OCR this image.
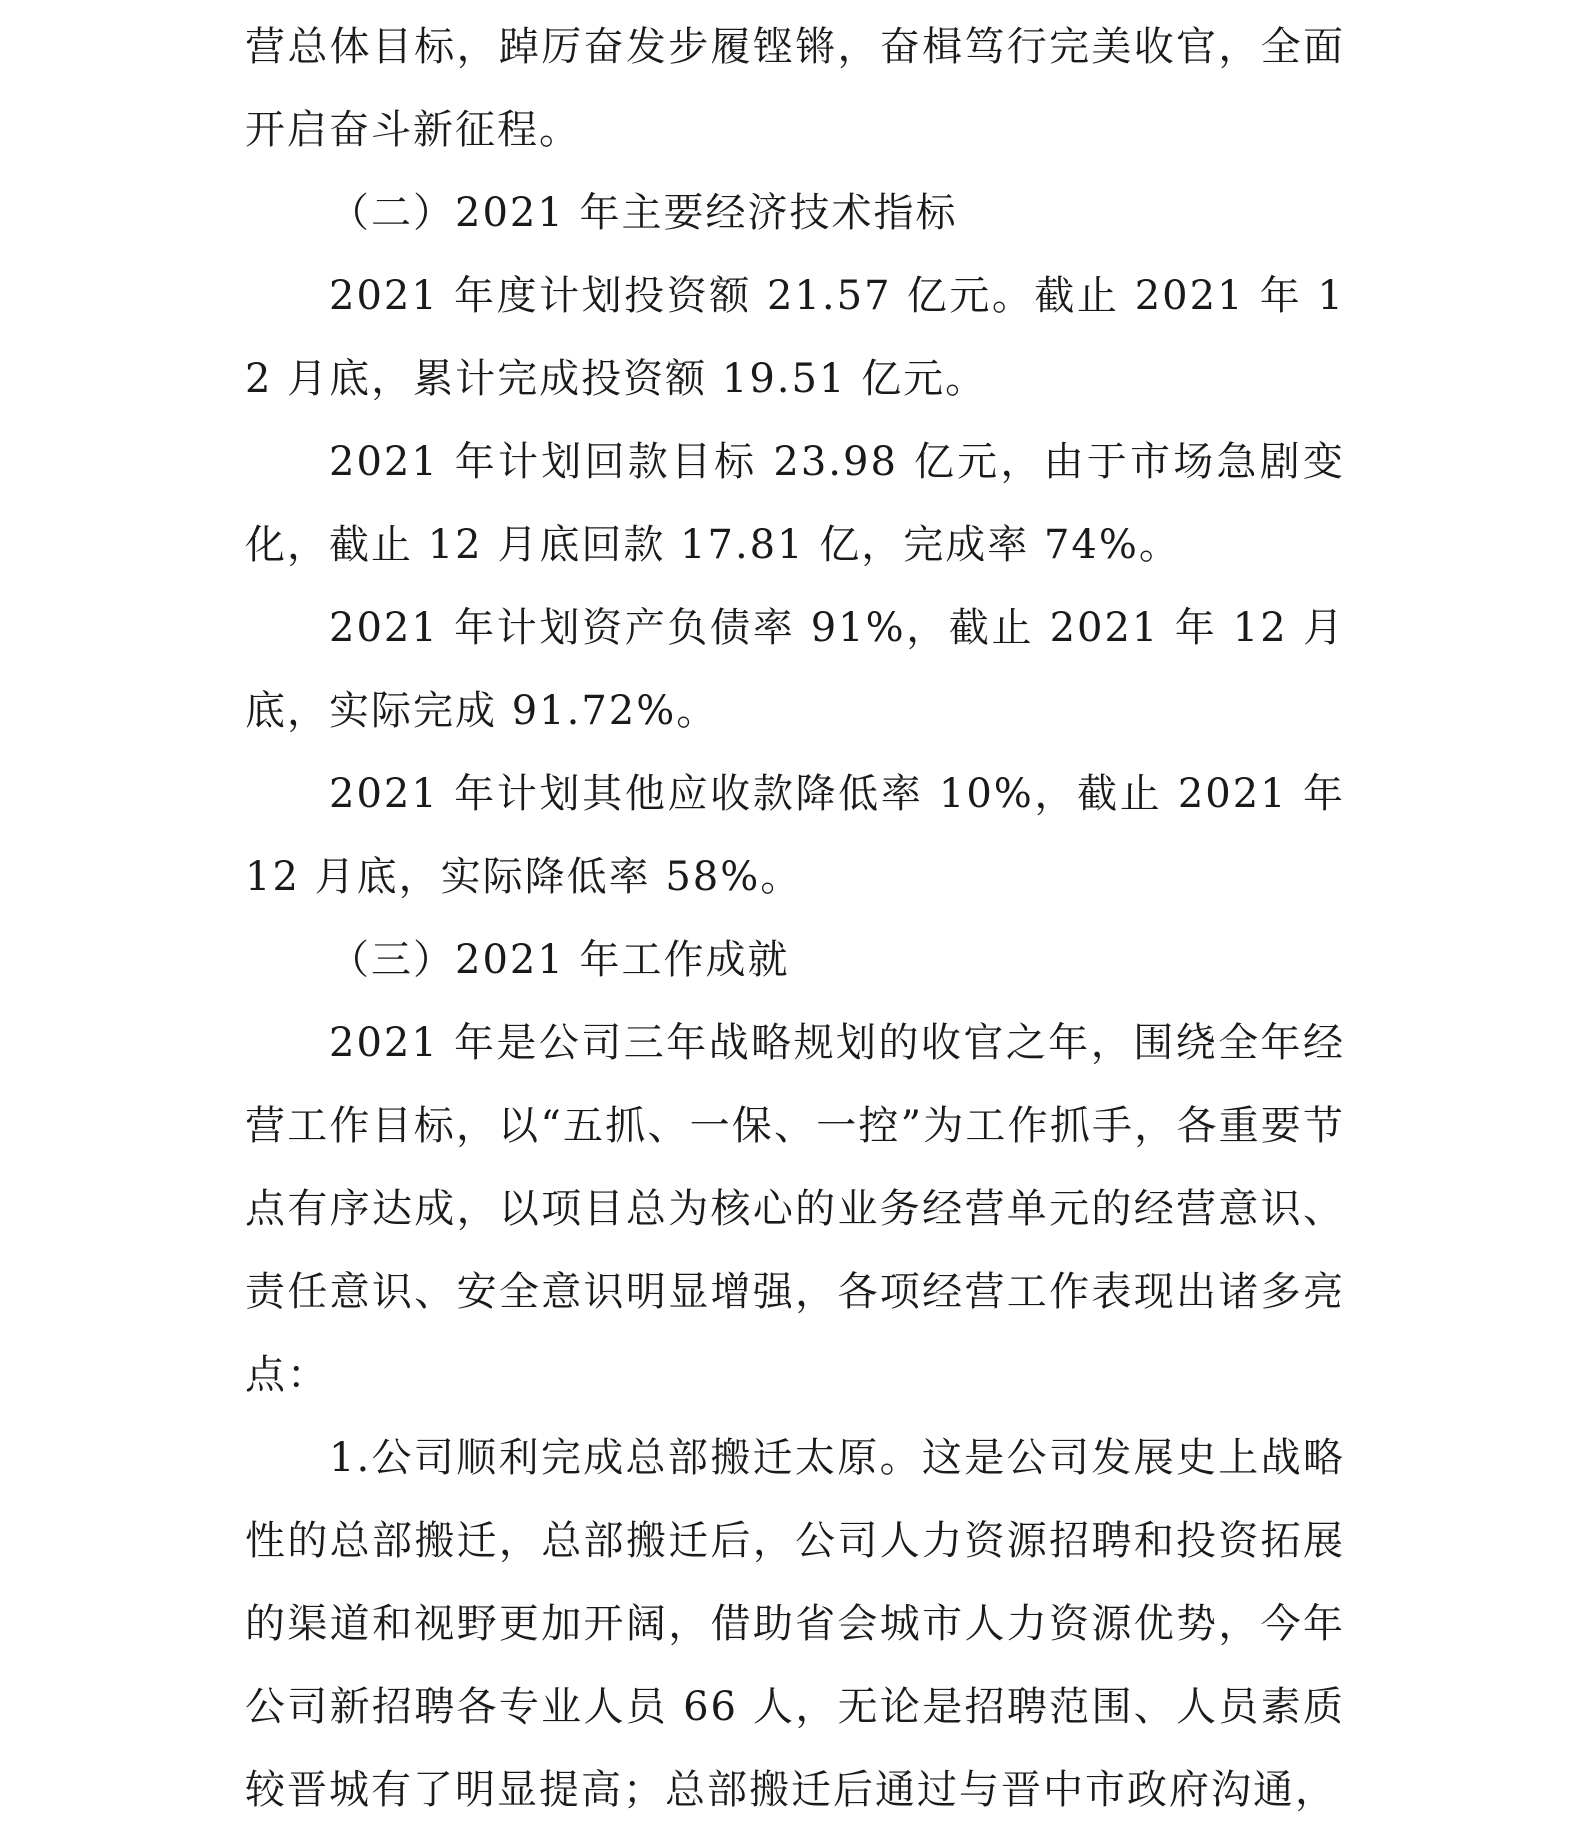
营总体目标，踔厉奋发步履铿锵，奋楫笃行完美收官，全面开启奋斗新征程。

（二）2021 年主要经济技术指标

2021 年度计划投资额 21.57 亿元。截止 2021 年 12 月底，累计完成投资额 19.51 亿元。

2021 年计划回款目标 23.98 亿元，由于市场急剧变化，截止 12 月底回款 17.81 亿，完成率 74%。

2021 年计划资产负债率 91%，截止 2021 年 12 月底，实际完成 91.72%。

2021 年计划其他应收款降低率 10%，截止 2021 年 12 月底，实际降低率 58%。

（三）2021 年工作成就

2021 年是公司三年战略规划的收官之年，围绕全年经营工作目标，以“五抓、一保、一控”为工作抓手，各重要节点有序达成，以项目总为核心的业务经营单元的经营意识、责任意识、安全意识明显增强，各项经营工作表现出诸多亮点：

1.公司顺利完成总部搬迁太原。这是公司发展史上战略性的总部搬迁，总部搬迁后，公司人力资源招聘和投资拓展的渠道和视野更加开阔，借助省会城市人力资源优势，今年公司新招聘各专业人员 66 人，无论是招聘范围、人员素质较晋城有了明显提高；总部搬迁后通过与晋中市政府沟通，
